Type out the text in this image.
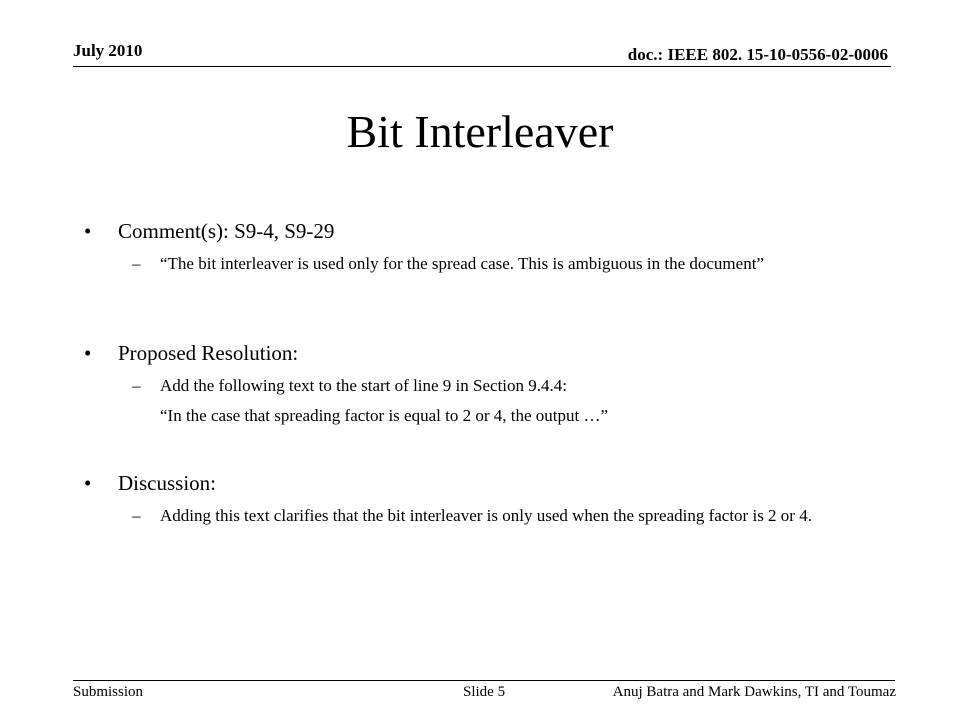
July 2010	doc.: IEEE 802. 15-10-0556-02-0006
Bit Interleaver
• Comment(s): S9-4, S9-29
– “The bit interleaver is used only for the spread case. This is ambiguous in the document”
• Proposed Resolution:
– Add the following text to the start of line 9 in Section 9.4.4:
“In the case that spreading factor is equal to 2 or 4, the output …”
• Discussion:
– Adding this text clarifies that the bit interleaver is only used when the spreading factor is 2 or 4.
Submission	Slide 5	Anuj Batra and Mark Dawkins, TI and Toumaz
